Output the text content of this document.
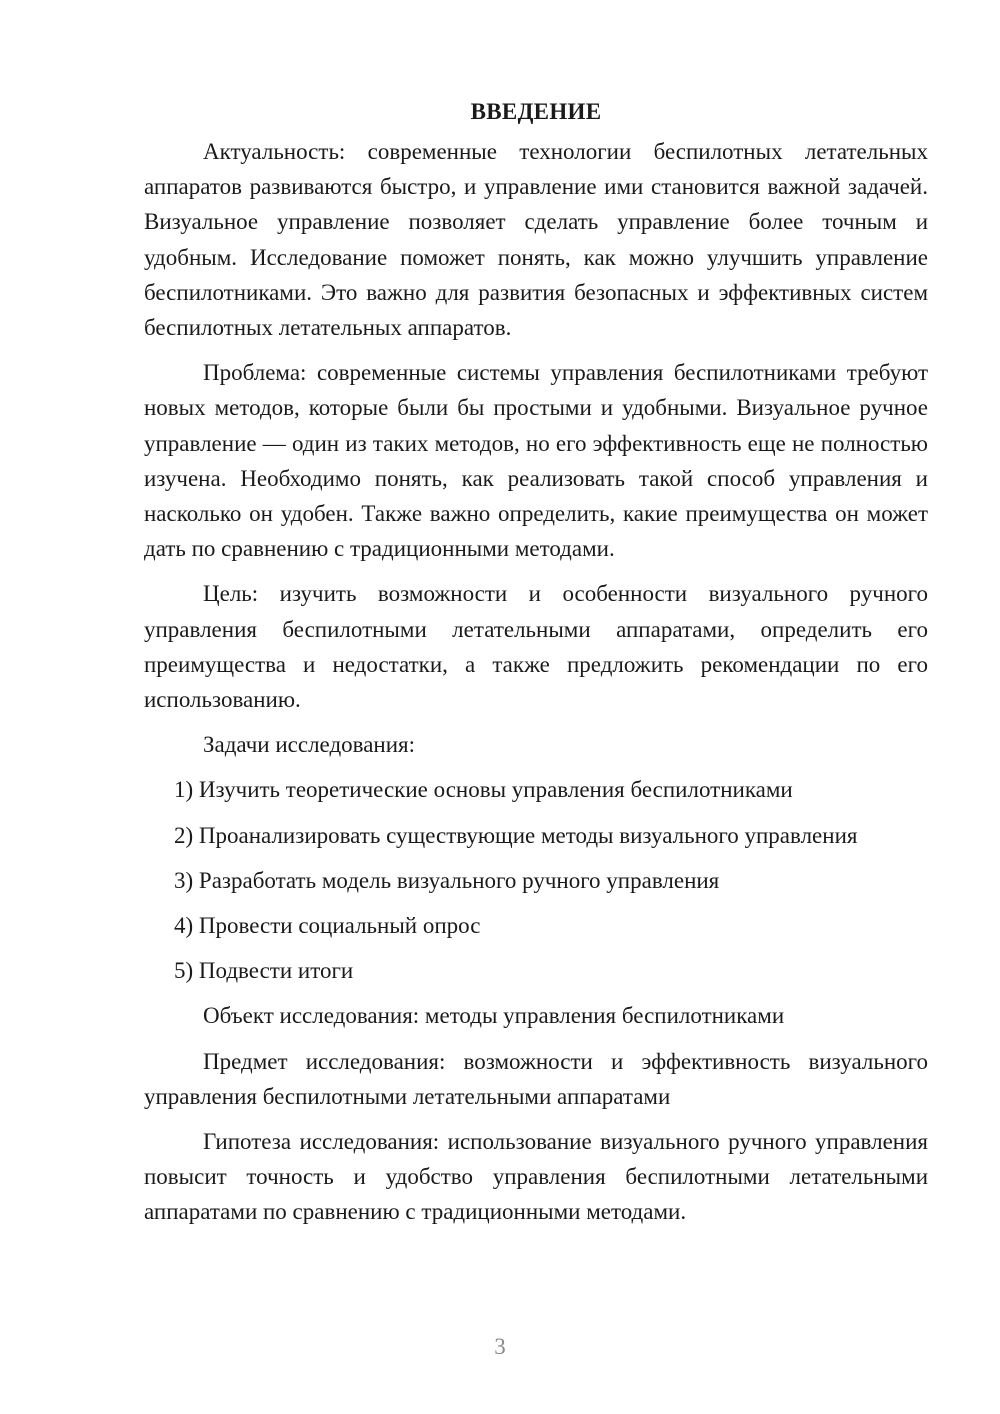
ВВЕДЕНИЕ

Актуальность: современные технологии беспилотных летательных аппаратов развиваются быстро, и управление ими становится важной задачей. Визуальное управление позволяет сделать управление более точным и удобным. Исследование поможет понять, как можно улучшить управление беспилотниками. Это важно для развития безопасных и эффективных систем беспилотных летательных аппаратов.

Проблема: современные системы управления беспилотниками требуют новых методов, которые были бы простыми и удобными. Визуальное ручное управление — один из таких методов, но его эффективность еще не полностью изучена. Необходимо понять, как реализовать такой способ управления и насколько он удобен. Также важно определить, какие преимущества он может дать по сравнению с традиционными методами.

Цель: изучить возможности и особенности визуального ручного управления беспилотными летательными аппаратами, определить его преимущества и недостатки, а также предложить рекомендации по его использованию.

Задачи исследования:

1) Изучить теоретические основы управления беспилотниками
2) Проанализировать существующие методы визуального управления
3) Разработать модель визуального ручного управления
4) Провести социальный опрос
5) Подвести итоги

Объект исследования: методы управления беспилотниками

Предмет исследования: возможности и эффективность визуального управления беспилотными летательными аппаратами

Гипотеза исследования: использование визуального ручного управления повысит точность и удобство управления беспилотными летательными аппаратами по сравнению с традиционными методами.

3
